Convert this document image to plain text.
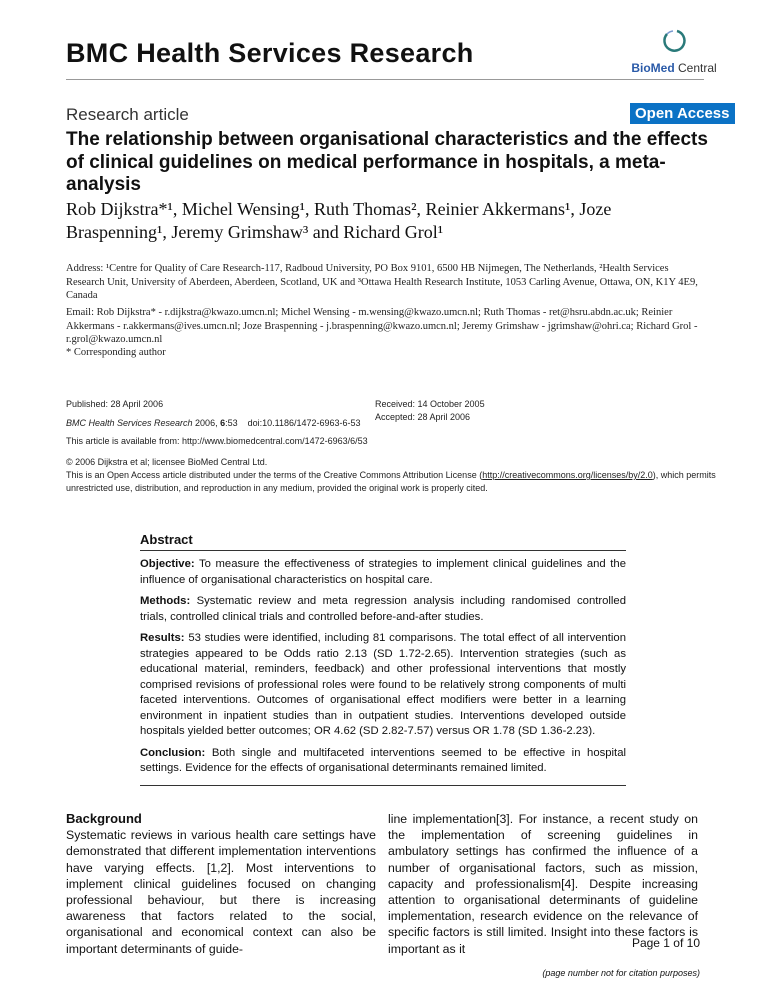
BMC Health Services Research	BioMed Central
Research article	Open Access
The relationship between organisational characteristics and the effects of clinical guidelines on medical performance in hospitals, a meta-analysis
Rob Dijkstra*¹, Michel Wensing¹, Ruth Thomas², Reinier Akkermans¹, Joze Braspenning¹, Jeremy Grimshaw³ and Richard Grol¹
Address: ¹Centre for Quality of Care Research-117, Radboud University, PO Box 9101, 6500 HB Nijmegen, The Netherlands, ²Health Services Research Unit, University of Aberdeen, Aberdeen, Scotland, UK and ³Ottawa Health Research Institute, 1053 Carling Avenue, Ottawa, ON, K1Y 4E9, Canada
Email: Rob Dijkstra* - r.dijkstra@kwazo.umcn.nl; Michel Wensing - m.wensing@kwazo.umcn.nl; Ruth Thomas - ret@hsru.abdn.ac.uk; Reinier Akkermans - r.akkermans@ives.umcn.nl; Joze Braspenning - j.braspenning@kwazo.umcn.nl; Jeremy Grimshaw - jgrimshaw@ohri.ca; Richard Grol - r.grol@kwazo.umcn.nl
* Corresponding author
Published: 28 April 2006
BMC Health Services Research 2006, 6:53 doi:10.1186/1472-6963-6-53
Received: 14 October 2005
Accepted: 28 April 2006
This article is available from: http://www.biomedcentral.com/1472-6963/6/53
© 2006 Dijkstra et al; licensee BioMed Central Ltd.
This is an Open Access article distributed under the terms of the Creative Commons Attribution License (http://creativecommons.org/licenses/by/2.0), which permits unrestricted use, distribution, and reproduction in any medium, provided the original work is properly cited.
Abstract

Objective: To measure the effectiveness of strategies to implement clinical guidelines and the influence of organisational characteristics on hospital care.

Methods: Systematic review and meta regression analysis including randomised controlled trials, controlled clinical trials and controlled before-and-after studies.

Results: 53 studies were identified, including 81 comparisons. The total effect of all intervention strategies appeared to be Odds ratio 2.13 (SD 1.72-2.65). Intervention strategies (such as educational material, reminders, feedback) and other professional interventions that mostly comprised revisions of professional roles were found to be relatively strong components of multi faceted interventions. Outcomes of organisational effect modifiers were better in a learning environment in inpatient studies than in outpatient studies. Interventions developed outside hospitals yielded better outcomes; OR 4.62 (SD 2.82-7.57) versus OR 1.78 (SD 1.36-2.23).

Conclusion: Both single and multifaceted interventions seemed to be effective in hospital settings. Evidence for the effects of organisational determinants remained limited.

Background
Systematic reviews in various health care settings have demonstrated that different implementation interventions have varying effects. [1,2]. Most interventions to implement clinical guidelines focused on changing professional behaviour, but there is increasing awareness that factors related to the social, organisational and economical context can also be important determinants of guide-
line implementation[3]. For instance, a recent study on the implementation of screening guidelines in ambulatory settings has confirmed the influence of a number of organisational factors, such as mission, capacity and professionalism[4]. Despite increasing attention to organisational determinants of guideline implementation, research evidence on the relevance of specific factors is still limited. Insight into these factors is important as it	Page 1 of 10
(page number not for citation purposes)
